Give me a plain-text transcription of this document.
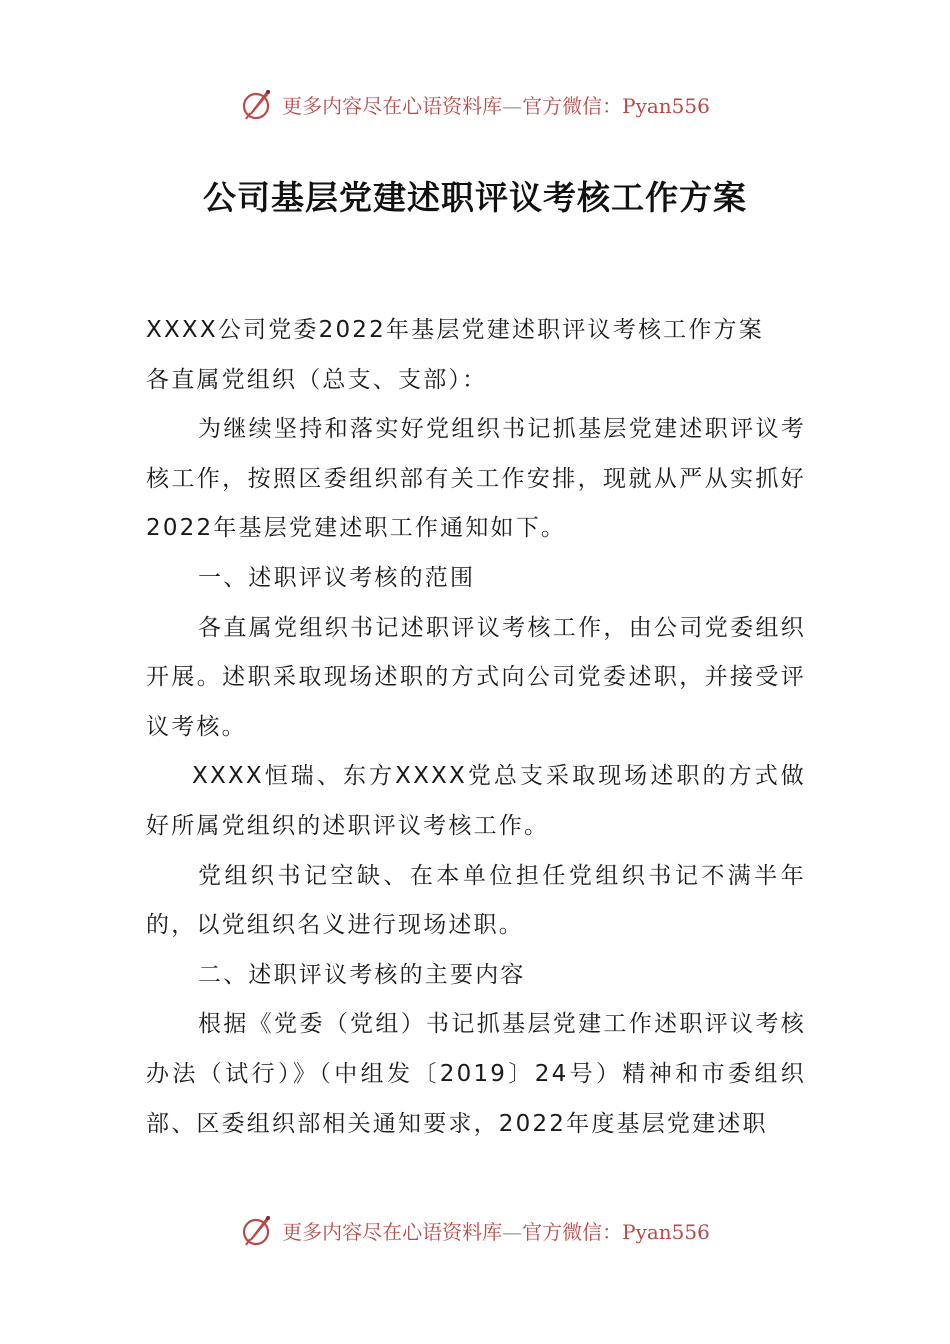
更多内容尽在心语资料库—官方微信：Pyan556
公司基层党建述职评议考核工作方案

XXXX公司党委2022年基层党建述职评议考核工作方案

各直属党组织（总支、支部）：

为继续坚持和落实好党组织书记抓基层党建述职评议考核工作，按照区委组织部有关工作安排，现就从严从实抓好2022年基层党建述职工作通知如下。

一、述职评议考核的范围

各直属党组织书记述职评议考核工作，由公司党委组织开展。述职采取现场述职的方式向公司党委述职，并接受评议考核。

XXXX恒瑞、东方XXXX党总支采取现场述职的方式做好所属党组织的述职评议考核工作。

党组织书记空缺、在本单位担任党组织书记不满半年的，以党组织名义进行现场述职。

二、述职评议考核的主要内容

根据《党委（党组）书记抓基层党建工作述职评议考核办法（试行）》（中组发〔2019〕24号）精神和市委组织部、区委组织部相关通知要求，2022年度基层党建述职

更多内容尽在心语资料库—官方微信：Pyan556
